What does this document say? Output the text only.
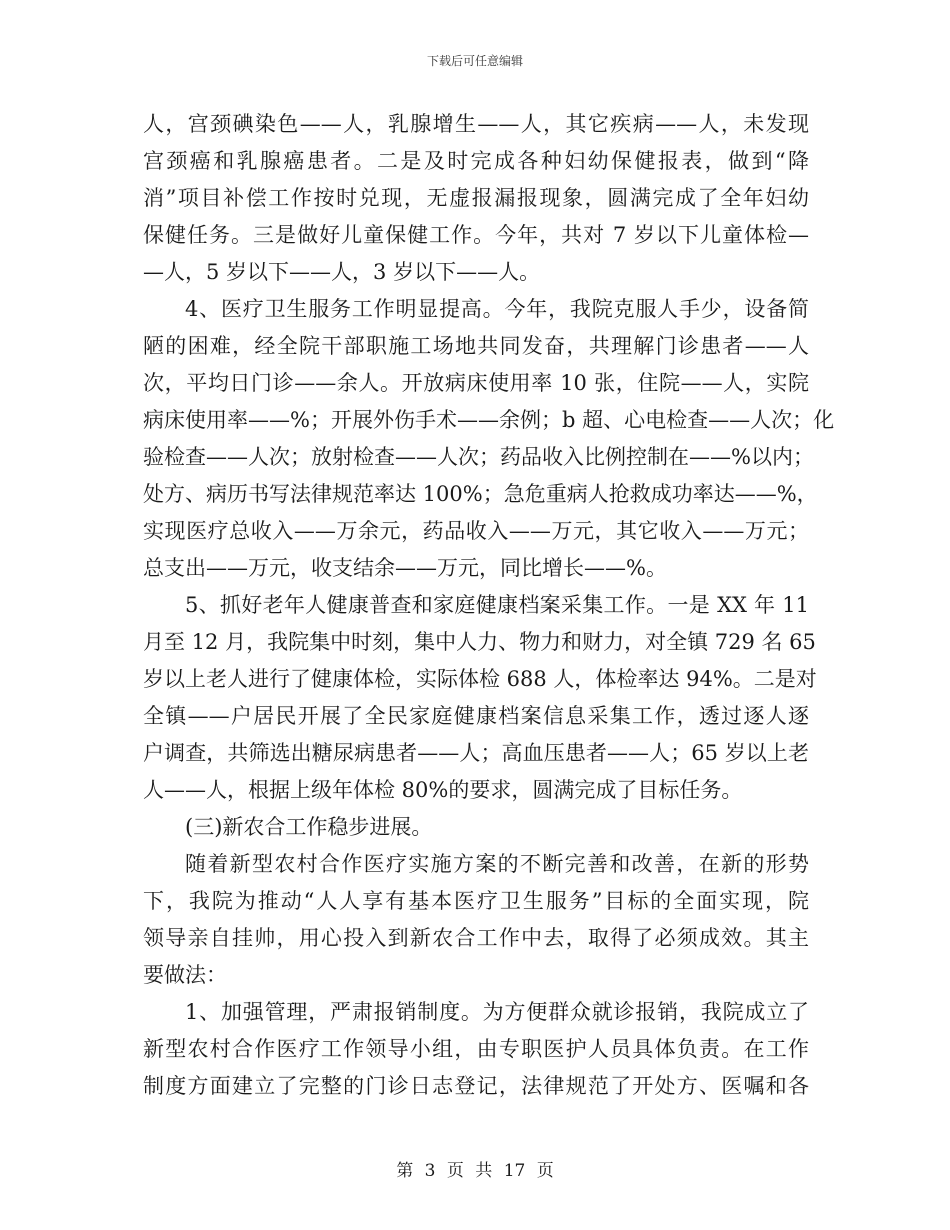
下载后可任意编辑
人，宫颈碘染色——人，乳腺增生——人，其它疾病——人，未发现
宫颈癌和乳腺癌患者。二是及时完成各种妇幼保健报表，做到“降
消”项目补偿工作按时兑现，无虚报漏报现象，圆满完成了全年妇幼
保健任务。三是做好儿童保健工作。今年，共对 7 岁以下儿童体检—
—人，5 岁以下——人，3 岁以下——人。
4、医疗卫生服务工作明显提高。今年，我院克服人手少，设备简
陋的困难，经全院干部职施工场地共同发奋，共理解门诊患者——人
次，平均日门诊——余人。开放病床使用率 10 张，住院——人，实院
病床使用率——%；开展外伤手术——余例；b 超、心电检查——人次；化
验检查——人次；放射检查——人次；药品收入比例控制在——%以内；
处方、病历书写法律规范率达 100%；急危重病人抢救成功率达——%，
实现医疗总收入——万余元，药品收入——万元，其它收入——万元；
总支出——万元，收支结余——万元，同比增长——%。
5、抓好老年人健康普查和家庭健康档案采集工作。一是 XX 年 11
月至 12 月，我院集中时刻，集中人力、物力和财力，对全镇 729 名 65
岁以上老人进行了健康体检，实际体检 688 人，体检率达 94%。二是对
全镇——户居民开展了全民家庭健康档案信息采集工作，透过逐人逐
户调查，共筛选出糖尿病患者——人；高血压患者——人；65 岁以上老
人——人，根据上级年体检 80%的要求，圆满完成了目标任务。
(三)新农合工作稳步进展。
随着新型农村合作医疗实施方案的不断完善和改善，在新的形势
下，我院为推动“人人享有基本医疗卫生服务”目标的全面实现，院
领导亲自挂帅，用心投入到新农合工作中去，取得了必须成效。其主
要做法：
1、加强管理，严肃报销制度。为方便群众就诊报销，我院成立了
新型农村合作医疗工作领导小组，由专职医护人员具体负责。在工作
制度方面建立了完整的门诊日志登记，法律规范了开处方、医嘱和各
第 3 页 共 17 页
